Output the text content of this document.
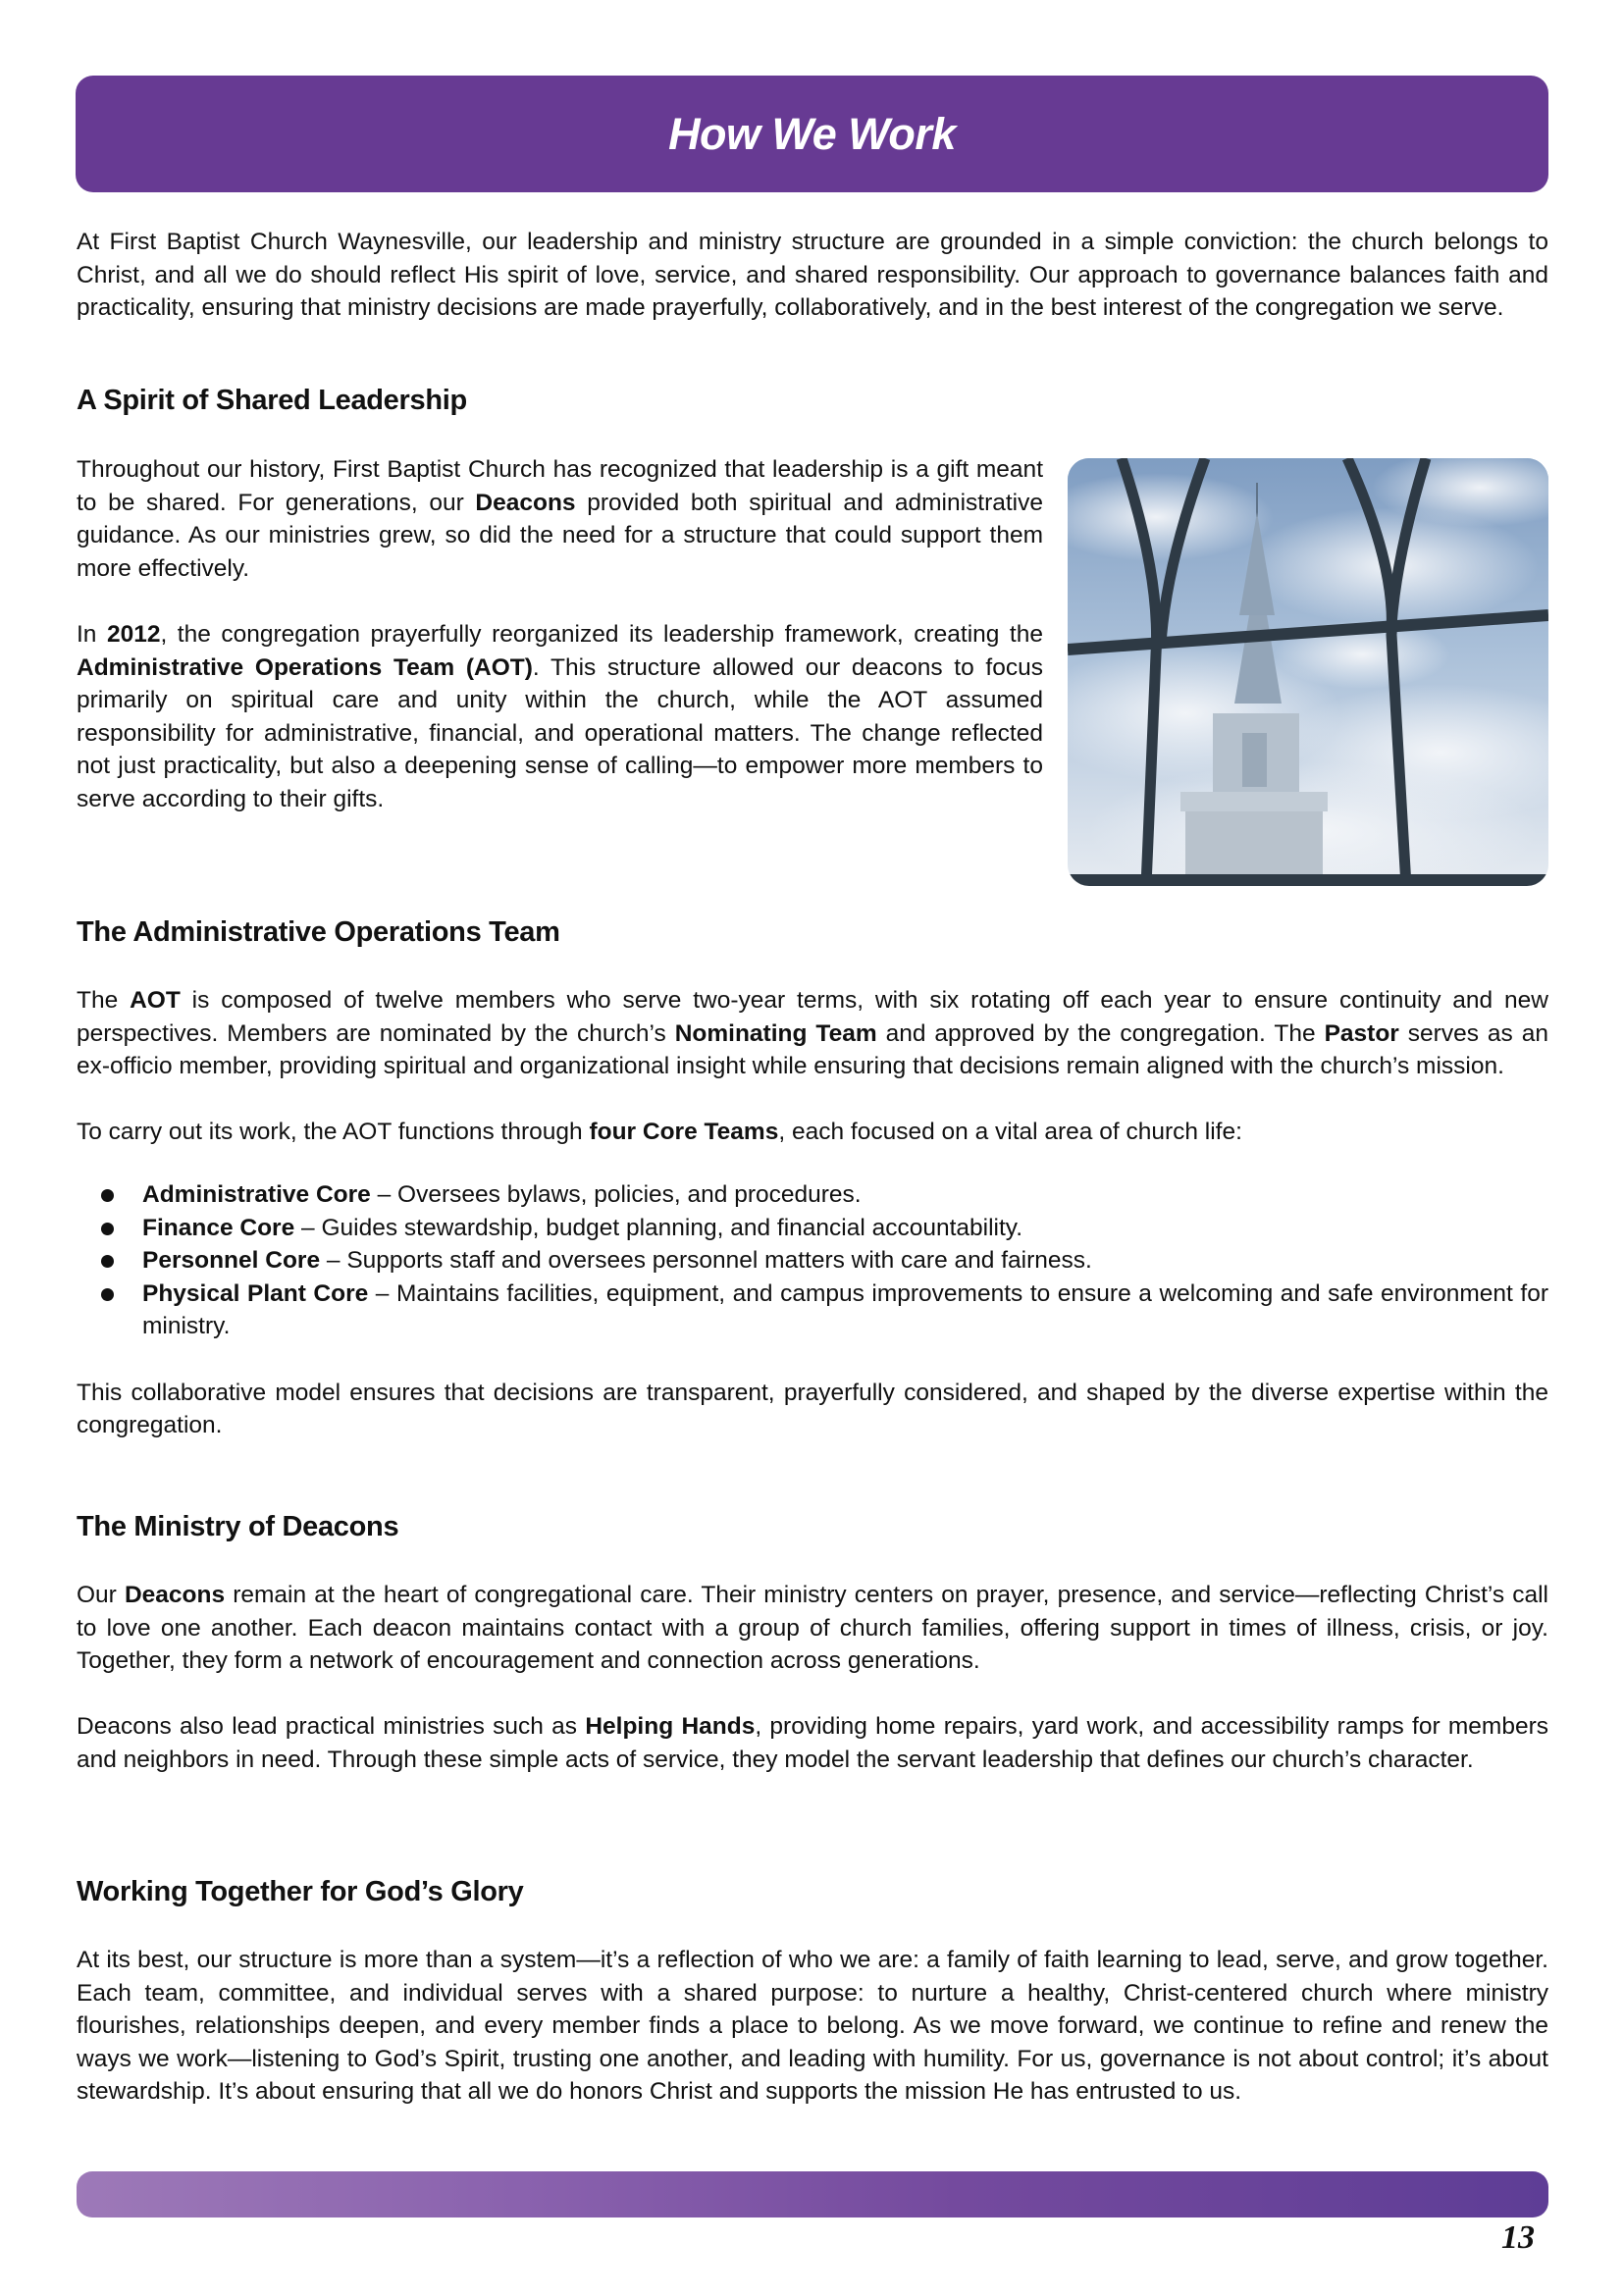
How We Work

At First Baptist Church Waynesville, our leadership and ministry structure are grounded in a simple conviction: the church belongs to Christ, and all we do should reflect His spirit of love, service, and shared responsibility. Our approach to governance balances faith and practicality, ensuring that ministry decisions are made prayerfully, collaboratively, and in the best interest of the congregation we serve.

A Spirit of Shared Leadership

Throughout our history, First Baptist Church has recognized that leadership is a gift meant to be shared. For generations, our Deacons provided both spiritual and administrative guidance. As our ministries grew, so did the need for a structure that could support them more effectively.

In 2012, the congregation prayerfully reorganized its leadership framework, creating the Administrative Operations Team (AOT). This structure allowed our deacons to focus primarily on spiritual care and unity within the church, while the AOT assumed responsibility for administrative, financial, and operational matters. The change reflected not just practicality, but also a deepening sense of calling—to empower more members to serve according to their gifts.

The Administrative Operations Team

The AOT is composed of twelve members who serve two-year terms, with six rotating off each year to ensure continuity and new perspectives. Members are nominated by the church’s Nominating Team and approved by the congregation. The Pastor serves as an ex-officio member, providing spiritual and organizational insight while ensuring that decisions remain aligned with the church’s mission.

To carry out its work, the AOT functions through four Core Teams, each focused on a vital area of church life:

Administrative Core – Oversees bylaws, policies, and procedures.
Finance Core – Guides stewardship, budget planning, and financial accountability.
Personnel Core – Supports staff and oversees personnel matters with care and fairness.
Physical Plant Core – Maintains facilities, equipment, and campus improvements to ensure a welcoming and safe environment for ministry.

This collaborative model ensures that decisions are transparent, prayerfully considered, and shaped by the diverse expertise within the congregation.

The Ministry of Deacons

Our Deacons remain at the heart of congregational care. Their ministry centers on prayer, presence, and service—reflecting Christ’s call to love one another. Each deacon maintains contact with a group of church families, offering support in times of illness, crisis, or joy. Together, they form a network of encouragement and connection across generations.

Deacons also lead practical ministries such as Helping Hands, providing home repairs, yard work, and accessibility ramps for members and neighbors in need. Through these simple acts of service, they model the servant leadership that defines our church’s character.

Working Together for God’s Glory

At its best, our structure is more than a system—it’s a reflection of who we are: a family of faith learning to lead, serve, and grow together. Each team, committee, and individual serves with a shared purpose: to nurture a healthy, Christ-centered church where ministry flourishes, relationships deepen, and every member finds a place to belong. As we move forward, we continue to refine and renew the ways we work—listening to God’s Spirit, trusting one another, and leading with humility. For us, governance is not about control; it’s about stewardship. It’s about ensuring that all we do honors Christ and supports the mission He has entrusted to us.

13
